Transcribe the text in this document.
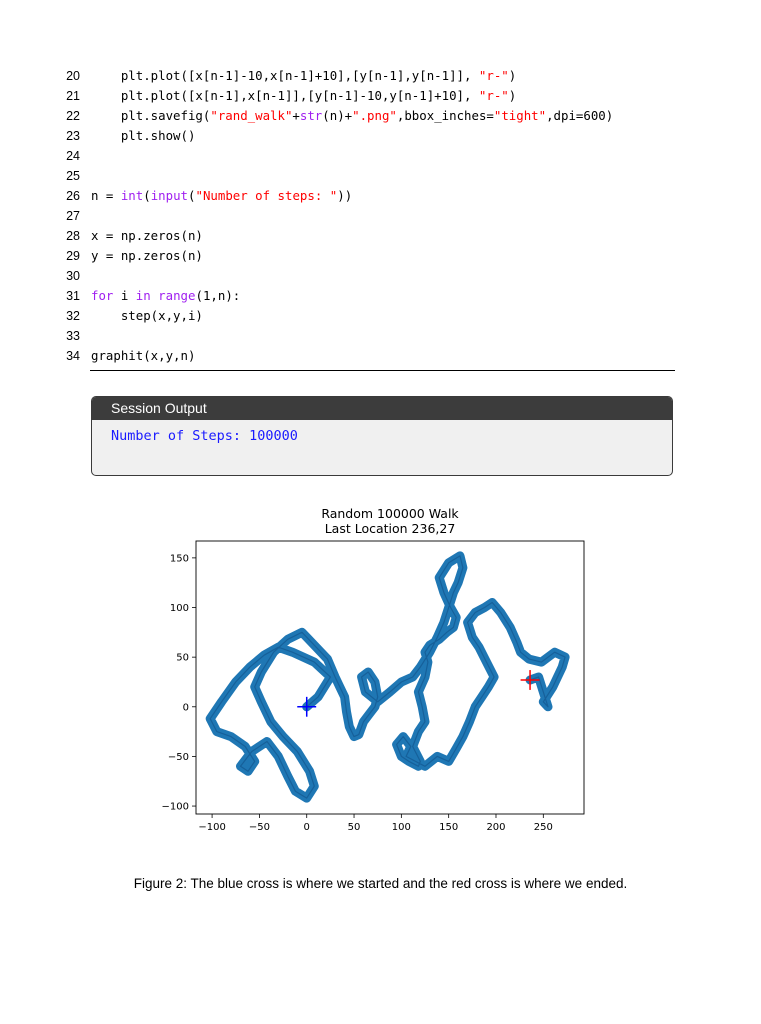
20 plt.plot([x[n-1]-10,x[n-1]+10],[y[n-1],y[n-1]], "r-")
21 plt.plot([x[n-1],x[n-1]],[y[n-1]-10,y[n-1]+10], "r-")
22 plt.savefig("rand_walk"+str(n)+".png",bbox_inches="tight",dpi=600)
23 plt.show()
24
25
26 n = int(input("Number of steps: "))
27
28 x = np.zeros(n)
29 y = np.zeros(n)
30
31 for i in range(1,n):
32 step(x,y,i)
33
34 graphit(x,y,n)
Session Output
Number of Steps: 100000
Random 100000 Walk
Last Location 236,27
−100 −50	0	50	100	150	200	250
−100
−50
0
50
100
150
Figure 2: The blue cross is where we started and the red cross is where we ended.
